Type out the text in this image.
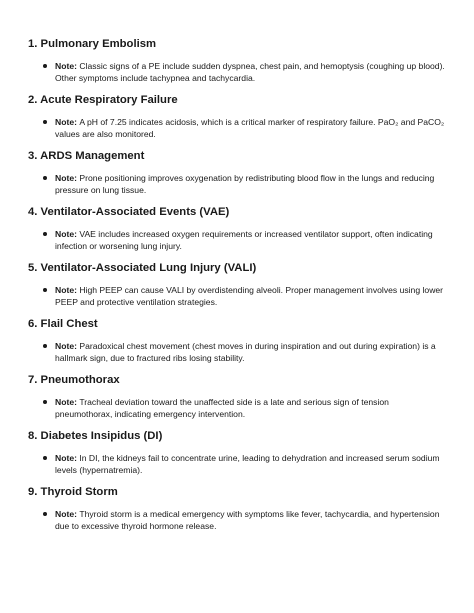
1. Pulmonary Embolism
Note: Classic signs of a PE include sudden dyspnea, chest pain, and hemoptysis (coughing up blood). Other symptoms include tachypnea and tachycardia.
2. Acute Respiratory Failure
Note: A pH of 7.25 indicates acidosis, which is a critical marker of respiratory failure. PaO₂ and PaCO₂ values are also monitored.
3. ARDS Management
Note: Prone positioning improves oxygenation by redistributing blood flow in the lungs and reducing pressure on lung tissue.
4. Ventilator-Associated Events (VAE)
Note: VAE includes increased oxygen requirements or increased ventilator support, often indicating infection or worsening lung injury.
5. Ventilator-Associated Lung Injury (VALI)
Note: High PEEP can cause VALI by overdistending alveoli. Proper management involves using lower PEEP and protective ventilation strategies.
6. Flail Chest
Note: Paradoxical chest movement (chest moves in during inspiration and out during expiration) is a hallmark sign, due to fractured ribs losing stability.
7. Pneumothorax
Note: Tracheal deviation toward the unaffected side is a late and serious sign of tension pneumothorax, indicating emergency intervention.
8. Diabetes Insipidus (DI)
Note: In DI, the kidneys fail to concentrate urine, leading to dehydration and increased serum sodium levels (hypernatremia).
9. Thyroid Storm
Note: Thyroid storm is a medical emergency with symptoms like fever, tachycardia, and hypertension due to excessive thyroid hormone release.
